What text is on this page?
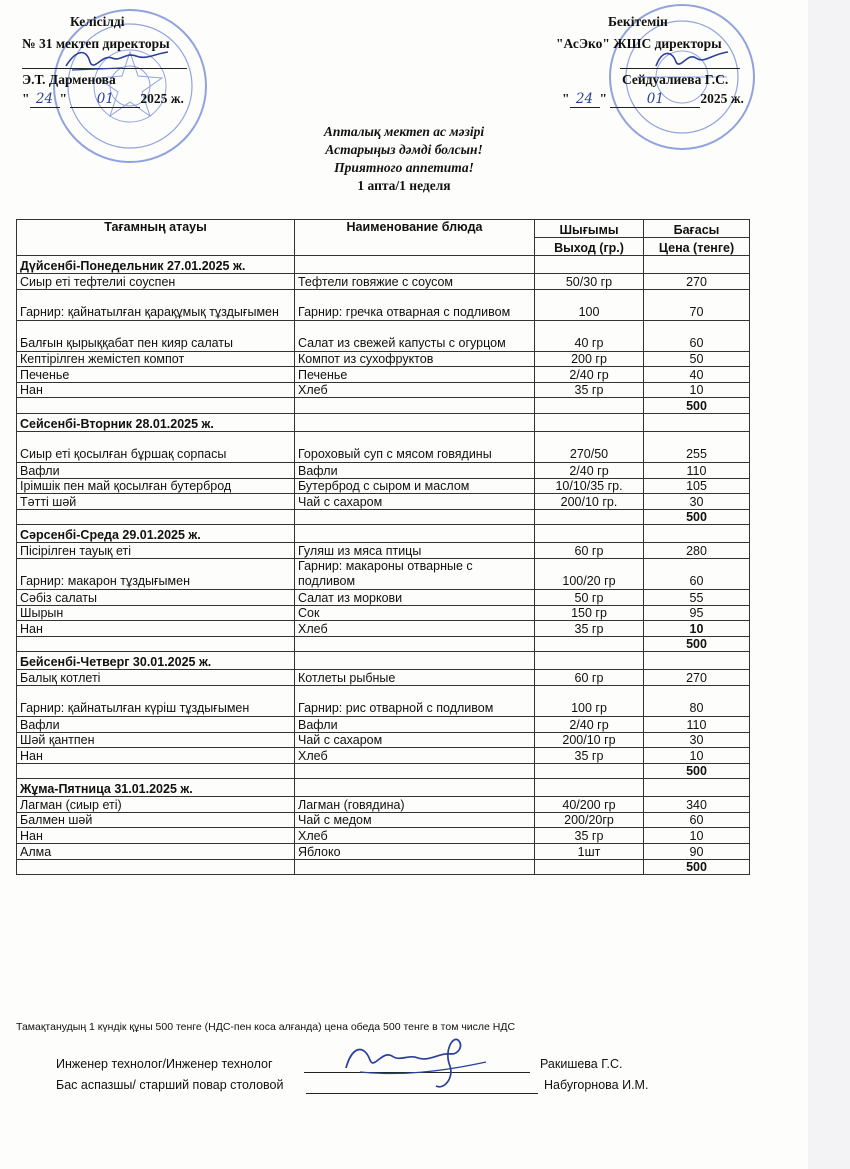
Келісілді
№ 31 мектеп директоры
Э.Т. Дарменова
" 24 " 01 2025 ж.
Бекітемін
"АсЭко" ЖШС директоры
Сейдуалиева Г.С.
" 24 "	01	2025 ж.
Апталық мектеп ас мәзірі
Астарыңыз дәмді болсын!
Приятного аппетита!
1 апта/1 неделя
Тағамның атауы	Наименование блюда	Шығымы	Бағасы
		Выход (гр.)	Цена (тенге)
Дүйсенбі-Понедельник 27.01.2025 ж.			
Сиыр еті тефтелиі соуспен	Тефтели говяжие с соусом	50/30 гр	270
Гарнир: қайнатылған қарақұмық тұздығымен	Гарнир: гречка отварная с подливом	100	70
Балғын қырыққабат пен кияр салаты	Салат из свежей капусты с огурцом	40 гр	60
Кептірілген жемістеп компот	Компот из сухофруктов	200 гр	50
Печенье	Печенье	2/40 гр	40
Нан	Хлеб	35 гр	10
			500
Сейсенбі-Вторник 28.01.2025 ж.			
Сиыр еті қосылған бұршақ сорпасы	Гороховый суп с мясом говядины	270/50	255
Вафли	Вафли	2/40 гр	110
Ірімшік пен май қосылған бутерброд	Бутерброд с сыром и маслом	10/10/35 гр.	105
Тәтті шәй	Чай с сахаром	200/10 гр.	30
			500
Сәрсенбі-Среда 29.01.2025 ж.			
Пісірілген тауық еті	Гуляш из мяса птицы	60 гр	280
Гарнир: макарон тұздығымен	Гарнир: макароны отварные с подливом	100/20 гр	60
Сәбіз салаты	Салат из моркови	50 гр	55
Шырын	Сок	150 гр	95
Нан	Хлеб	35 гр	10
			500
Бейсенбі-Четверг 30.01.2025 ж.			
Балық котлеті	Котлеты рыбные	60 гр	270
Гарнир: қайнатылған күріш тұздығымен	Гарнир: рис отварной с подливом	100 гр	80
Вафли	Вафли	2/40 гр	110
Шәй қантпен	Чай с сахаром	200/10 гр	30
Нан	Хлеб	35 гр	10
			500
Жұма-Пятница 31.01.2025 ж.			
Лагман (сиыр еті)	Лагман (говядина)	40/200 гр	340
Балмен шәй	Чай с медом	200/20гр	60
Нан	Хлеб	35 гр	10
Алма	Яблоко	1шт	90
			500
Тамақтанудың 1 күндік құны 500 тенге (НДС-пен коса алғанда) цена обеда 500 тенге в том числе НДС
Инженер технолог/Инженер технолог	Ракишева Г.С.
Бас аспазшы/ старший повар столовой	Набугорнова И.М.
